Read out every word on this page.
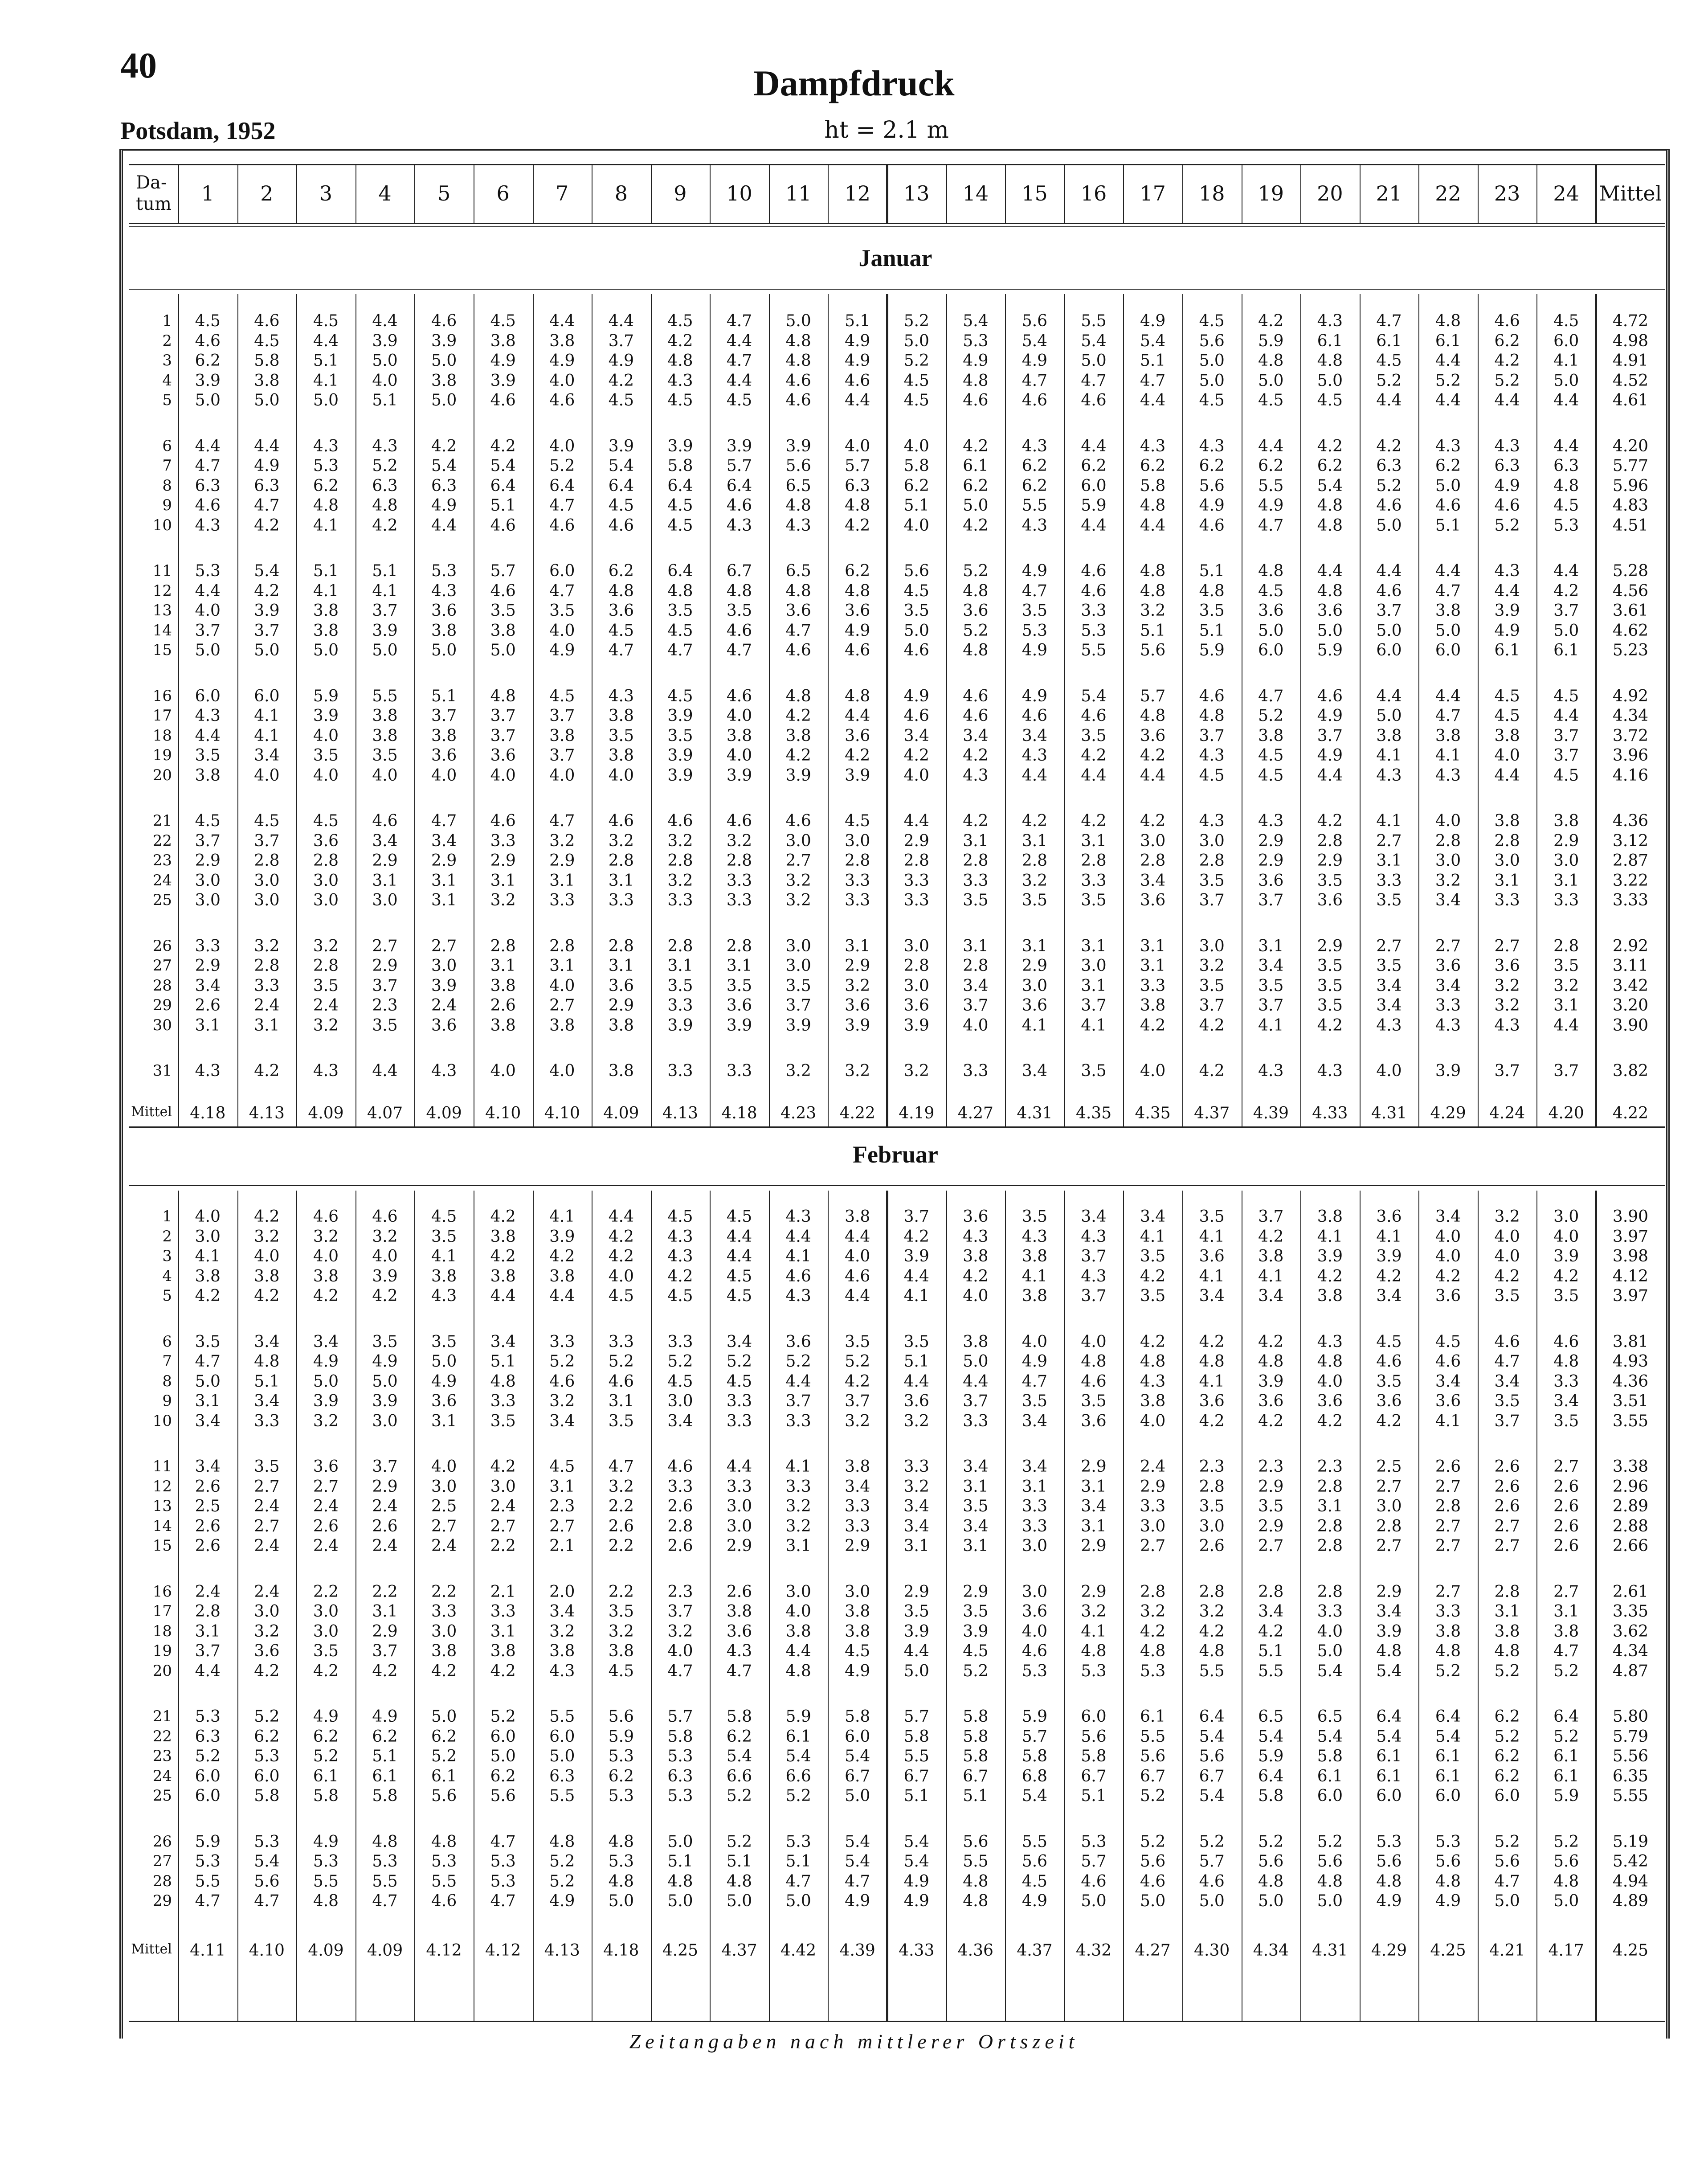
40	Dampfdruck
Potsdam, 1952	ht = 2.1 m
Da-
tum	1	2	3	4	5	6	7	8	9	10	11	12	13	14	15	16	17	18	19	20	21	22	23	24 Mittel
Januar
1	4.5	4.6	4.5	4.4	4.6	4.5	4.4	4.4	4.5	4.7	5.0	5.1	5.2	5.4	5.6	5.5	4.9	4.5	4.2	4.3	4.7	4.8	4.6	4.5	4.72
2	4.6	4.5	4.4	3.9	3.9	3.8	3.8	3.7	4.2	4.4	4.8	4.9	5.0	5.3	5.4	5.4	5.4	5.6	5.9	6.1	6.1	6.1	6.2	6.0	4.98
3	6.2	5.8	5.1	5.0	5.0	4.9	4.9	4.9	4.8	4.7	4.8	4.9	5.2	4.9	4.9	5.0	5.1	5.0	4.8	4.8	4.5	4.4	4.2	4.1	4.91
4	3.9	3.8	4.1	4.0	3.8	3.9	4.0	4.2	4.3	4.4	4.6	4.6	4.5	4.8	4.7	4.7	4.7	5.0	5.0	5.0	5.2	5.2	5.2	5.0	4.52
5	5.0	5.0	5.0	5.1	5.0	4.6	4.6	4.5	4.5	4.5	4.6	4.4	4.5	4.6	4.6	4.6	4.4	4.5	4.5	4.5	4.4	4.4	4.4	4.4	4.61
6	4.4	4.4	4.3	4.3	4.2	4.2	4.0	3.9	3.9	3.9	3.9	4.0	4.0	4.2	4.3	4.4	4.3	4.3	4.4	4.2	4.2	4.3	4.3	4.4	4.20
7	4.7	4.9	5.3	5.2	5.4	5.4	5.2	5.4	5.8	5.7	5.6	5.7	5.8	6.1	6.2	6.2	6.2	6.2	6.2	6.2	6.3	6.2	6.3	6.3	5.77
8	6.3	6.3	6.2	6.3	6.3	6.4	6.4	6.4	6.4	6.4	6.5	6.3	6.2	6.2	6.2	6.0	5.8	5.6	5.5	5.4	5.2	5.0	4.9	4.8	5.96
9	4.6	4.7	4.8	4.8	4.9	5.1	4.7	4.5	4.5	4.6	4.8	4.8	5.1	5.0	5.5	5.9	4.8	4.9	4.9	4.8	4.6	4.6	4.6	4.5	4.83
10	4.3	4.2	4.1	4.2	4.4	4.6	4.6	4.6	4.5	4.3	4.3	4.2	4.0	4.2	4.3	4.4	4.4	4.6	4.7	4.8	5.0	5.1	5.2	5.3	4.51
11	5.3	5.4	5.1	5.1	5.3	5.7	6.0	6.2	6.4	6.7	6.5	6.2	5.6	5.2	4.9	4.6	4.8	5.1	4.8	4.4	4.4	4.4	4.3	4.4	5.28
12	4.4	4.2	4.1	4.1	4.3	4.6	4.7	4.8	4.8	4.8	4.8	4.8	4.5	4.8	4.7	4.6	4.8	4.8	4.5	4.8	4.6	4.7	4.4	4.2	4.56
13	4.0	3.9	3.8	3.7	3.6	3.5	3.5	3.6	3.5	3.5	3.6	3.6	3.5	3.6	3.5	3.3	3.2	3.5	3.6	3.6	3.7	3.8	3.9	3.7	3.61
14	3.7	3.7	3.8	3.9	3.8	3.8	4.0	4.5	4.5	4.6	4.7	4.9	5.0	5.2	5.3	5.3	5.1	5.1	5.0	5.0	5.0	5.0	4.9	5.0	4.62
15	5.0	5.0	5.0	5.0	5.0	5.0	4.9	4.7	4.7	4.7	4.6	4.6	4.6	4.8	4.9	5.5	5.6	5.9	6.0	5.9	6.0	6.0	6.1	6.1	5.23
16	6.0	6.0	5.9	5.5	5.1	4.8	4.5	4.3	4.5	4.6	4.8	4.8	4.9	4.6	4.9	5.4	5.7	4.6	4.7	4.6	4.4	4.4	4.5	4.5	4.92
17	4.3	4.1	3.9	3.8	3.7	3.7	3.7	3.8	3.9	4.0	4.2	4.4	4.6	4.6	4.6	4.6	4.8	4.8	5.2	4.9	5.0	4.7	4.5	4.4	4.34
18	4.4	4.1	4.0	3.8	3.8	3.7	3.8	3.5	3.5	3.8	3.8	3.6	3.4	3.4	3.4	3.5	3.6	3.7	3.8	3.7	3.8	3.8	3.8	3.7	3.72
19	3.5	3.4	3.5	3.5	3.6	3.6	3.7	3.8	3.9	4.0	4.2	4.2	4.2	4.2	4.3	4.2	4.2	4.3	4.5	4.9	4.1	4.1	4.0	3.7	3.96
20	3.8	4.0	4.0	4.0	4.0	4.0	4.0	4.0	3.9	3.9	3.9	3.9	4.0	4.3	4.4	4.4	4.4	4.5	4.5	4.4	4.3	4.3	4.4	4.5	4.16
21	4.5	4.5	4.5	4.6	4.7	4.6	4.7	4.6	4.6	4.6	4.6	4.5	4.4	4.2	4.2	4.2	4.2	4.3	4.3	4.2	4.1	4.0	3.8	3.8	4.36
22	3.7	3.7	3.6	3.4	3.4	3.3	3.2	3.2	3.2	3.2	3.0	3.0	2.9	3.1	3.1	3.1	3.0	3.0	2.9	2.8	2.7	2.8	2.8	2.9	3.12
23	2.9	2.8	2.8	2.9	2.9	2.9	2.9	2.8	2.8	2.8	2.7	2.8	2.8	2.8	2.8	2.8	2.8	2.8	2.9	2.9	3.1	3.0	3.0	3.0	2.87
24	3.0	3.0	3.0	3.1	3.1	3.1	3.1	3.1	3.2	3.3	3.2	3.3	3.3	3.3	3.2	3.3	3.4	3.5	3.6	3.5	3.3	3.2	3.1	3.1	3.22
25	3.0	3.0	3.0	3.0	3.1	3.2	3.3	3.3	3.3	3.3	3.2	3.3	3.3	3.5	3.5	3.5	3.6	3.7	3.7	3.6	3.5	3.4	3.3	3.3	3.33
26	3.3	3.2	3.2	2.7	2.7	2.8	2.8	2.8	2.8	2.8	3.0	3.1	3.0	3.1	3.1	3.1	3.1	3.0	3.1	2.9	2.7	2.7	2.7	2.8	2.92
27	2.9	2.8	2.8	2.9	3.0	3.1	3.1	3.1	3.1	3.1	3.0	2.9	2.8	2.8	2.9	3.0	3.1	3.2	3.4	3.5	3.5	3.6	3.6	3.5	3.11
28	3.4	3.3	3.5	3.7	3.9	3.8	4.0	3.6	3.5	3.5	3.5	3.2	3.0	3.4	3.0	3.1	3.3	3.5	3.5	3.5	3.4	3.4	3.2	3.2	3.42
29	2.6	2.4	2.4	2.3	2.4	2.6	2.7	2.9	3.3	3.6	3.7	3.6	3.6	3.7	3.6	3.7	3.8	3.7	3.7	3.5	3.4	3.3	3.2	3.1	3.20
30	3.1	3.1	3.2	3.5	3.6	3.8	3.8	3.8	3.9	3.9	3.9	3.9	3.9	4.0	4.1	4.1	4.2	4.2	4.1	4.2	4.3	4.3	4.3	4.4	3.90
31	4.3	4.2	4.3	4.4	4.3	4.0	4.0	3.8	3.3	3.3	3.2	3.2	3.2	3.3	3.4	3.5	4.0	4.2	4.3	4.3	4.0	3.9	3.7	3.7	3.82
Mittel	4.18	4.13	4.09	4.07	4.09	4.10	4.10	4.09	4.13	4.18	4.23	4.22	4.19	4.27	4.31	4.35	4.35	4.37	4.39	4.33	4.31	4.29	4.24	4.20	4.22
Februar
1	4.0	4.2	4.6	4.6	4.5	4.2	4.1	4.4	4.5	4.5	4.3	3.8	3.7	3.6	3.5	3.4	3.4	3.5	3.7	3.8	3.6	3.4	3.2	3.0	3.90
2	3.0	3.2	3.2	3.2	3.5	3.8	3.9	4.2	4.3	4.4	4.4	4.4	4.2	4.3	4.3	4.3	4.1	4.1	4.2	4.1	4.1	4.0	4.0	4.0	3.97
3	4.1	4.0	4.0	4.0	4.1	4.2	4.2	4.2	4.3	4.4	4.1	4.0	3.9	3.8	3.8	3.7	3.5	3.6	3.8	3.9	3.9	4.0	4.0	3.9	3.98
4	3.8	3.8	3.8	3.9	3.8	3.8	3.8	4.0	4.2	4.5	4.6	4.6	4.4	4.2	4.1	4.3	4.2	4.1	4.1	4.2	4.2	4.2	4.2	4.2	4.12
5	4.2	4.2	4.2	4.2	4.3	4.4	4.4	4.5	4.5	4.5	4.3	4.4	4.1	4.0	3.8	3.7	3.5	3.4	3.4	3.8	3.4	3.6	3.5	3.5	3.97
6	3.5	3.4	3.4	3.5	3.5	3.4	3.3	3.3	3.3	3.4	3.6	3.5	3.5	3.8	4.0	4.0	4.2	4.2	4.2	4.3	4.5	4.5	4.6	4.6	3.81
7	4.7	4.8	4.9	4.9	5.0	5.1	5.2	5.2	5.2	5.2	5.2	5.2	5.1	5.0	4.9	4.8	4.8	4.8	4.8	4.8	4.6	4.6	4.7	4.8	4.93
8	5.0	5.1	5.0	5.0	4.9	4.8	4.6	4.6	4.5	4.5	4.4	4.2	4.4	4.4	4.7	4.6	4.3	4.1	3.9	4.0	3.5	3.4	3.4	3.3	4.36
9	3.1	3.4	3.9	3.9	3.6	3.3	3.2	3.1	3.0	3.3	3.7	3.7	3.6	3.7	3.5	3.5	3.8	3.6	3.6	3.6	3.6	3.6	3.5	3.4	3.51
10	3.4	3.3	3.2	3.0	3.1	3.5	3.4	3.5	3.4	3.3	3.3	3.2	3.2	3.3	3.4	3.6	4.0	4.2	4.2	4.2	4.2	4.1	3.7	3.5	3.55
11	3.4	3.5	3.6	3.7	4.0	4.2	4.5	4.7	4.6	4.4	4.1	3.8	3.3	3.4	3.4	2.9	2.4	2.3	2.3	2.3	2.5	2.6	2.6	2.7	3.38
12	2.6	2.7	2.7	2.9	3.0	3.0	3.1	3.2	3.3	3.3	3.3	3.4	3.2	3.1	3.1	3.1	2.9	2.8	2.9	2.8	2.7	2.7	2.6	2.6	2.96
13	2.5	2.4	2.4	2.4	2.5	2.4	2.3	2.2	2.6	3.0	3.2	3.3	3.4	3.5	3.3	3.4	3.3	3.5	3.5	3.1	3.0	2.8	2.6	2.6	2.89
14	2.6	2.7	2.6	2.6	2.7	2.7	2.7	2.6	2.8	3.0	3.2	3.3	3.4	3.4	3.3	3.1	3.0	3.0	2.9	2.8	2.8	2.7	2.7	2.6	2.88
15	2.6	2.4	2.4	2.4	2.4	2.2	2.1	2.2	2.6	2.9	3.1	2.9	3.1	3.1	3.0	2.9	2.7	2.6	2.7	2.8	2.7	2.7	2.7	2.6	2.66
16	2.4	2.4	2.2	2.2	2.2	2.1	2.0	2.2	2.3	2.6	3.0	3.0	2.9	2.9	3.0	2.9	2.8	2.8	2.8	2.8	2.9	2.7	2.8	2.7	2.61
17	2.8	3.0	3.0	3.1	3.3	3.3	3.4	3.5	3.7	3.8	4.0	3.8	3.5	3.5	3.6	3.2	3.2	3.2	3.4	3.3	3.4	3.3	3.1	3.1	3.35
18	3.1	3.2	3.0	2.9	3.0	3.1	3.2	3.2	3.2	3.6	3.8	3.8	3.9	3.9	4.0	4.1	4.2	4.2	4.2	4.0	3.9	3.8	3.8	3.8	3.62
19	3.7	3.6	3.5	3.7	3.8	3.8	3.8	3.8	4.0	4.3	4.4	4.5	4.4	4.5	4.6	4.8	4.8	4.8	5.1	5.0	4.8	4.8	4.8	4.7	4.34
20	4.4	4.2	4.2	4.2	4.2	4.2	4.3	4.5	4.7	4.7	4.8	4.9	5.0	5.2	5.3	5.3	5.3	5.5	5.5	5.4	5.4	5.2	5.2	5.2	4.87
21	5.3	5.2	4.9	4.9	5.0	5.2	5.5	5.6	5.7	5.8	5.9	5.8	5.7	5.8	5.9	6.0	6.1	6.4	6.5	6.5	6.4	6.4	6.2	6.4	5.80
22	6.3	6.2	6.2	6.2	6.2	6.0	6.0	5.9	5.8	6.2	6.1	6.0	5.8	5.8	5.7	5.6	5.5	5.4	5.4	5.4	5.4	5.4	5.2	5.2	5.79
23	5.2	5.3	5.2	5.1	5.2	5.0	5.0	5.3	5.3	5.4	5.4	5.4	5.5	5.8	5.8	5.8	5.6	5.6	5.9	5.8	6.1	6.1	6.2	6.1	5.56
24	6.0	6.0	6.1	6.1	6.1	6.2	6.3	6.2	6.3	6.6	6.6	6.7	6.7	6.7	6.8	6.7	6.7	6.7	6.4	6.1	6.1	6.1	6.2	6.1	6.35
25	6.0	5.8	5.8	5.8	5.6	5.6	5.5	5.3	5.3	5.2	5.2	5.0	5.1	5.1	5.4	5.1	5.2	5.4	5.8	6.0	6.0	6.0	6.0	5.9	5.55
26	5.9	5.3	4.9	4.8	4.8	4.7	4.8	4.8	5.0	5.2	5.3	5.4	5.4	5.6	5.5	5.3	5.2	5.2	5.2	5.2	5.3	5.3	5.2	5.2	5.19
27	5.3	5.4	5.3	5.3	5.3	5.3	5.2	5.3	5.1	5.1	5.1	5.4	5.4	5.5	5.6	5.7	5.6	5.7	5.6	5.6	5.6	5.6	5.6	5.6	5.42
28	5.5	5.6	5.5	5.5	5.5	5.3	5.2	4.8	4.8	4.8	4.7	4.7	4.9	4.8	4.5	4.6	4.6	4.6	4.8	4.8	4.8	4.8	4.7	4.8	4.94
29	4.7	4.7	4.8	4.7	4.6	4.7	4.9	5.0	5.0	5.0	5.0	4.9	4.9	4.8	4.9	5.0	5.0	5.0	5.0	5.0	4.9	4.9	5.0	5.0	4.89
Mittel	4.11	4.10	4.09	4.09	4.12	4.12	4.13	4.18	4.25	4.37	4.42	4.39	4.33	4.36	4.37	4.32	4.27	4.30	4.34	4.31	4.29	4.25	4.21	4.17	4.25
Zeitangaben nach mittlerer Ortszeit
